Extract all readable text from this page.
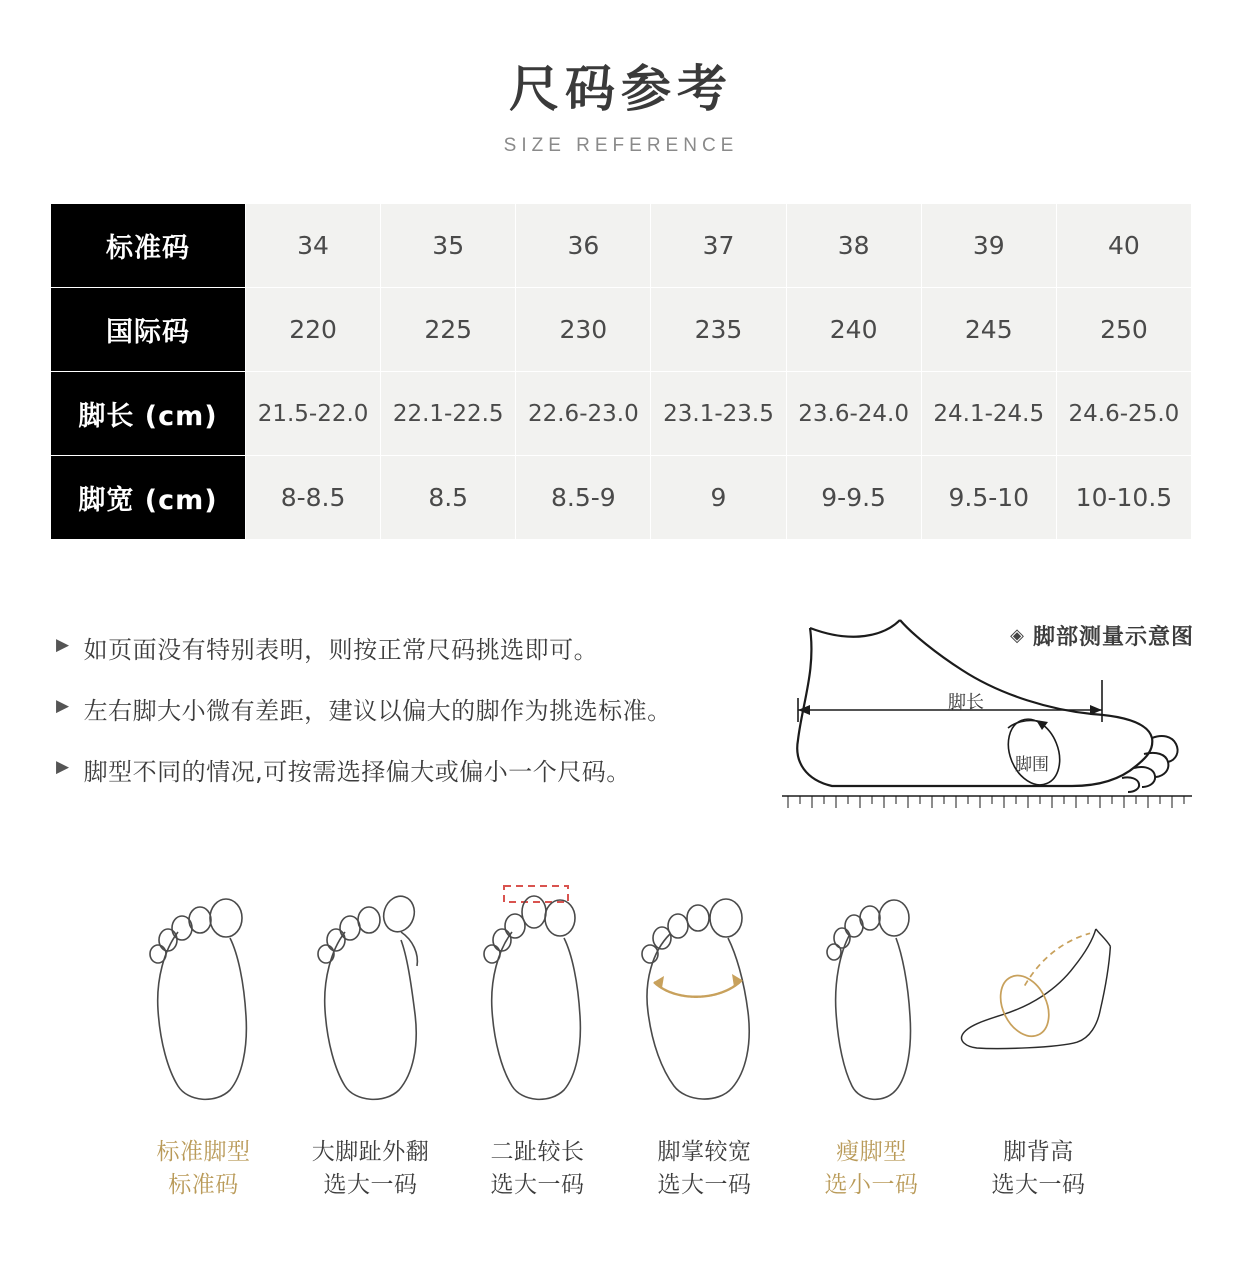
尺码参考
SIZE REFERENCE
标准码	34	35	36	37	38	39	40
国际码	220	225	230	235	240	245	250
脚长 (cm)	21.5-22.0	22.1-22.5	22.6-23.0	23.1-23.5	23.6-24.0	24.1-24.5	24.6-25.0
脚宽 (cm)	8-8.5	8.5	8.5-9	9	9-9.5	9.5-10	10-10.5
▶ 如页面没有特别表明，则按正常尺码挑选即可。
▶ 左右脚大小微有差距，建议以偏大的脚作为挑选标准。
▶ 脚型不同的情况,可按需选择偏大或偏小一个尺码。
◈ 脚部测量示意图
脚长
脚围
标准脚型
标准码
大脚趾外翻
选大一码
二趾较长
选大一码
脚掌较宽
选大一码
瘦脚型
选小一码
脚背高
选大一码
